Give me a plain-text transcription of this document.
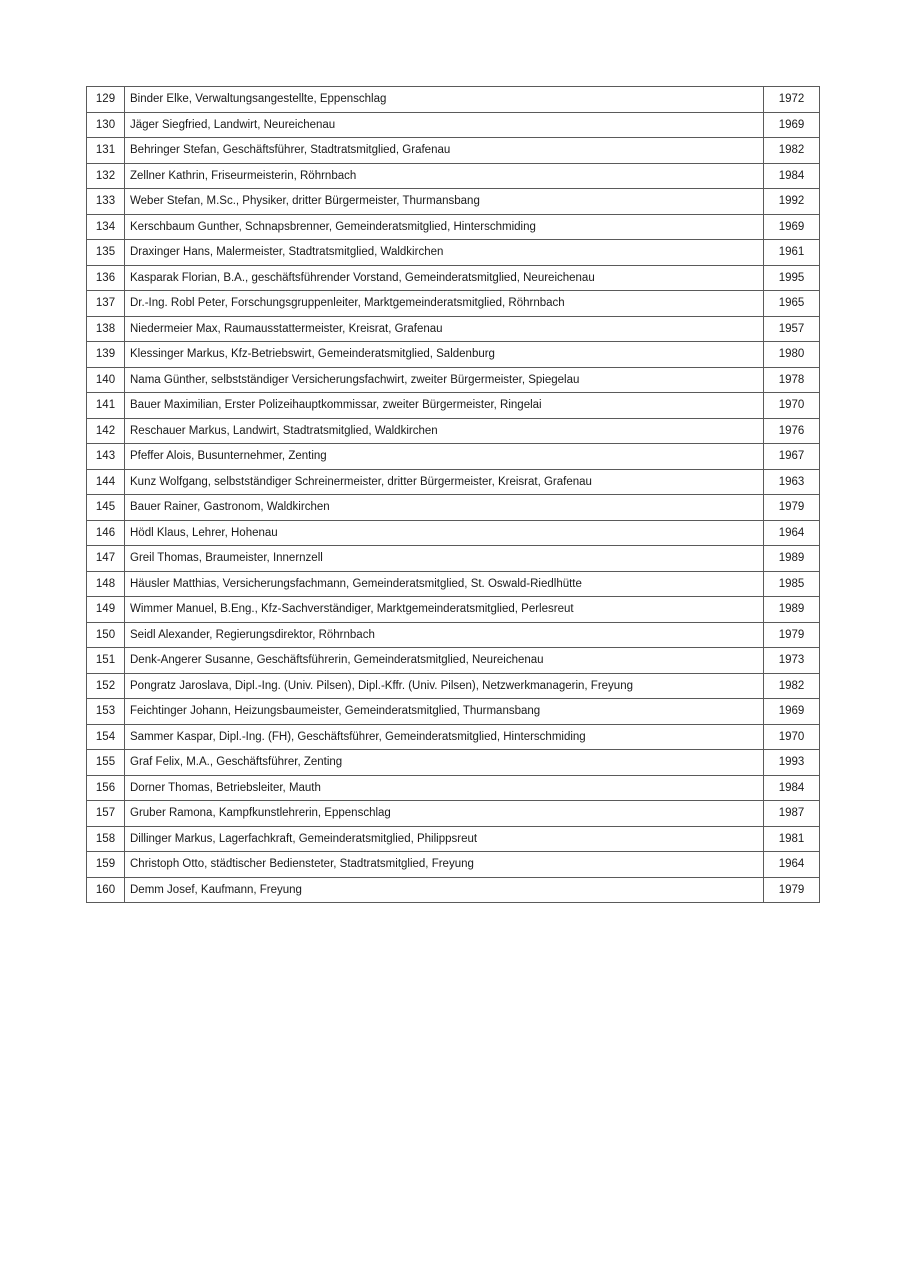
129	Binder Elke, Verwaltungsangestellte, Eppenschlag	1972
130	Jäger Siegfried, Landwirt, Neureichenau	1969
131	Behringer Stefan, Geschäftsführer, Stadtratsmitglied, Grafenau	1982
132	Zellner Kathrin, Friseurmeisterin, Röhrnbach	1984
133	Weber Stefan, M.Sc., Physiker, dritter Bürgermeister, Thurmansbang	1992
134	Kerschbaum Gunther, Schnapsbrenner, Gemeinderatsmitglied, Hinterschmiding	1969
135	Draxinger Hans, Malermeister, Stadtratsmitglied, Waldkirchen	1961
136	Kasparak Florian, B.A., geschäftsführender Vorstand, Gemeinderatsmitglied, Neureichenau	1995
137	Dr.-Ing. Robl Peter, Forschungsgruppenleiter, Marktgemeinderatsmitglied, Röhrnbach	1965
138	Niedermeier Max, Raumausstattermeister, Kreisrat, Grafenau	1957
139	Klessinger Markus, Kfz-Betriebswirt, Gemeinderatsmitglied, Saldenburg	1980
140	Nama Günther, selbstständiger Versicherungsfachwirt, zweiter Bürgermeister, Spiegelau	1978
141	Bauer Maximilian, Erster Polizeihauptkommissar, zweiter Bürgermeister, Ringelai	1970
142	Reschauer Markus, Landwirt, Stadtratsmitglied, Waldkirchen	1976
143	Pfeffer Alois, Busunternehmer, Zenting	1967
144	Kunz Wolfgang, selbstständiger Schreinermeister, dritter Bürgermeister, Kreisrat, Grafenau	1963
145	Bauer Rainer, Gastronom, Waldkirchen	1979
146	Hödl Klaus, Lehrer, Hohenau	1964
147	Greil Thomas, Braumeister, Innernzell	1989
148	Häusler Matthias, Versicherungsfachmann, Gemeinderatsmitglied, St. Oswald-Riedlhütte	1985
149	Wimmer Manuel, B.Eng., Kfz-Sachverständiger, Marktgemeinderatsmitglied, Perlesreut	1989
150	Seidl Alexander, Regierungsdirektor, Röhrnbach	1979
151	Denk-Angerer Susanne, Geschäftsführerin, Gemeinderatsmitglied, Neureichenau	1973
152	Pongratz Jaroslava, Dipl.-Ing. (Univ. Pilsen), Dipl.-Kffr. (Univ. Pilsen), Netzwerkmanagerin, Freyung	1982
153	Feichtinger Johann, Heizungsbaumeister, Gemeinderatsmitglied, Thurmansbang	1969
154	Sammer Kaspar, Dipl.-Ing. (FH), Geschäftsführer, Gemeinderatsmitglied, Hinterschmiding	1970
155	Graf Felix, M.A., Geschäftsführer, Zenting	1993
156	Dorner Thomas, Betriebsleiter, Mauth	1984
157	Gruber Ramona, Kampfkunstlehrerin, Eppenschlag	1987
158	Dillinger Markus, Lagerfachkraft, Gemeinderatsmitglied, Philippsreut	1981
159	Christoph Otto, städtischer Bediensteter, Stadtratsmitglied, Freyung	1964
160	Demm Josef, Kaufmann, Freyung	1979
